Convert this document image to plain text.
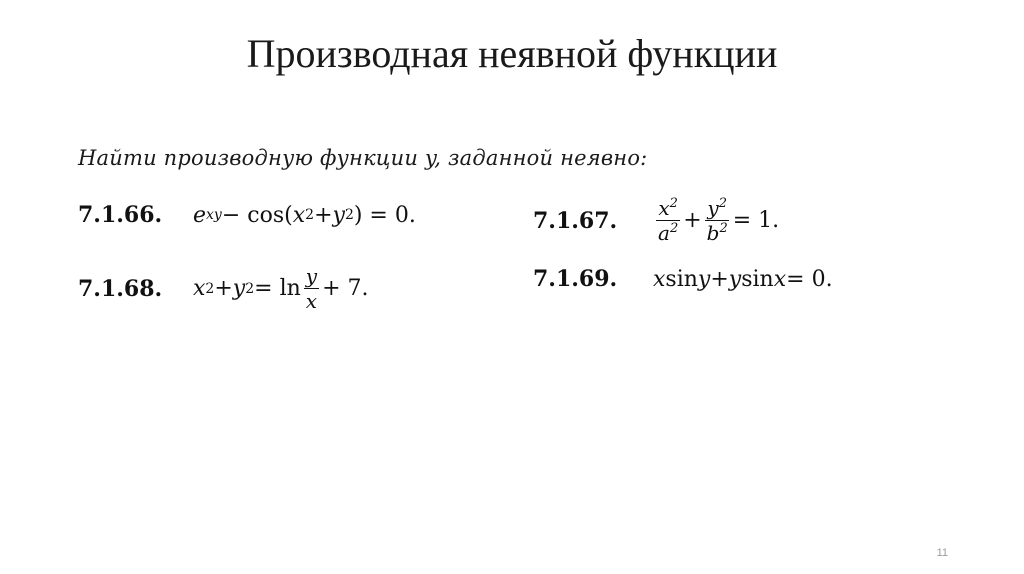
Производная неявной функции
Найти производную функции y, заданной неявно:
7.1.66.	e xy − cos( x 2 + y 2 ) = 0.	7.1.67.	$\frac{x^2}{a^2} + \frac{y^2}{b^2} = 1$.
7.1.68.	x 2 + y $2 = \ln \frac{y}{x} + 7$.	7.1.69.	x sin y + y sin x = 0.
11
